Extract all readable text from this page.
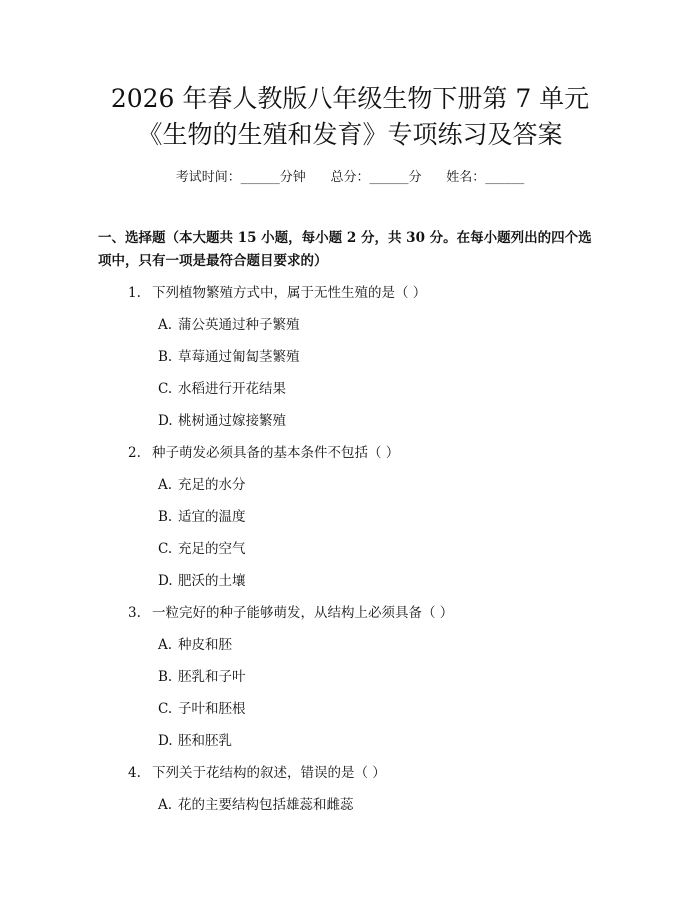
2026 年春人教版八年级生物下册第 7 单元
《生物的生殖和发育》专项练习及答案
考试时间：______分钟      总分：______分      姓名：______

一、选择题（本大题共 15 小题，每小题 2 分，共 30 分。在每小题列出的四个选

项中，只有一项是最符合题目要求的）

1. 下列植物繁殖方式中，属于无性生殖的是（ ）
A. 蒲公英通过种子繁殖
B. 草莓通过匍匐茎繁殖
C. 水稻进行开花结果
D. 桃树通过嫁接繁殖
2. 种子萌发必须具备的基本条件不包括（ ）
A. 充足的水分
B. 适宜的温度
C. 充足的空气
D. 肥沃的土壤
3. 一粒完好的种子能够萌发，从结构上必须具备（ ）
A. 种皮和胚
B. 胚乳和子叶
C. 子叶和胚根
D. 胚和胚乳
4. 下列关于花结构的叙述，错误的是（ ）
A. 花的主要结构包括雄蕊和雌蕊
